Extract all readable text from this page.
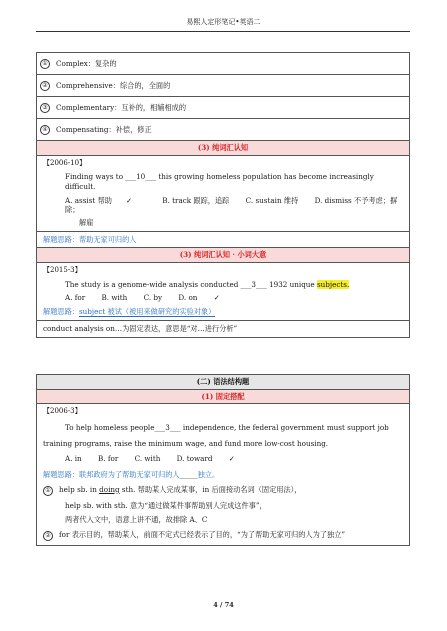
易熙人定形笔记•英语二
①	Complex： 复杂的
②	Comprehensive： 综合的，全面的
③	Complementary： 互补的，相辅相成的
④	Compensating： 补偿，修正
(3) 纯词汇认知
【2006-10】
Finding ways to ___10___ this growing homeless population has become increasingly difficult.
A. assist 帮助 ✓	B. track 跟踪，追踪 C. sustain 维持 D. dismiss 不予考虑；摒除；
解雇
解题思路：帮助无家可归的人
(3) 纯词汇认知 · 小词大意
【2015-3】
The study is a genome-wide analysis conducted ___3___ 1932 unique subjects.
A. for B. with C. by D. on ✓
解题思路：subject 被试（被用来做研究的实验对象）
conduct analysis on…为固定表达，意思是“对…进行分析”
(二) 语法结构题
(1) 固定搭配
【2006-3】
To help homeless people___3___ independence, the federal government must support job
training programs, raise the minimum wage, and fund more low-cost housing.
A. in B. for C. with D. toward ✓
解题思路：联邦政府为了帮助无家可归的人_____独立。
① help sb. in doing sth. 帮助某人完成某事，in 后面接动名词（固定用法），
help sb. with sth. 意为“通过做某件事帮助别人完成这件事”，
两者代入文中，语意上讲不通，故排除 A、C
② for 表示目的，帮助某人，前面不定式已经表示了目的，“为了帮助无家可归的人为了独立”
4 / 74
